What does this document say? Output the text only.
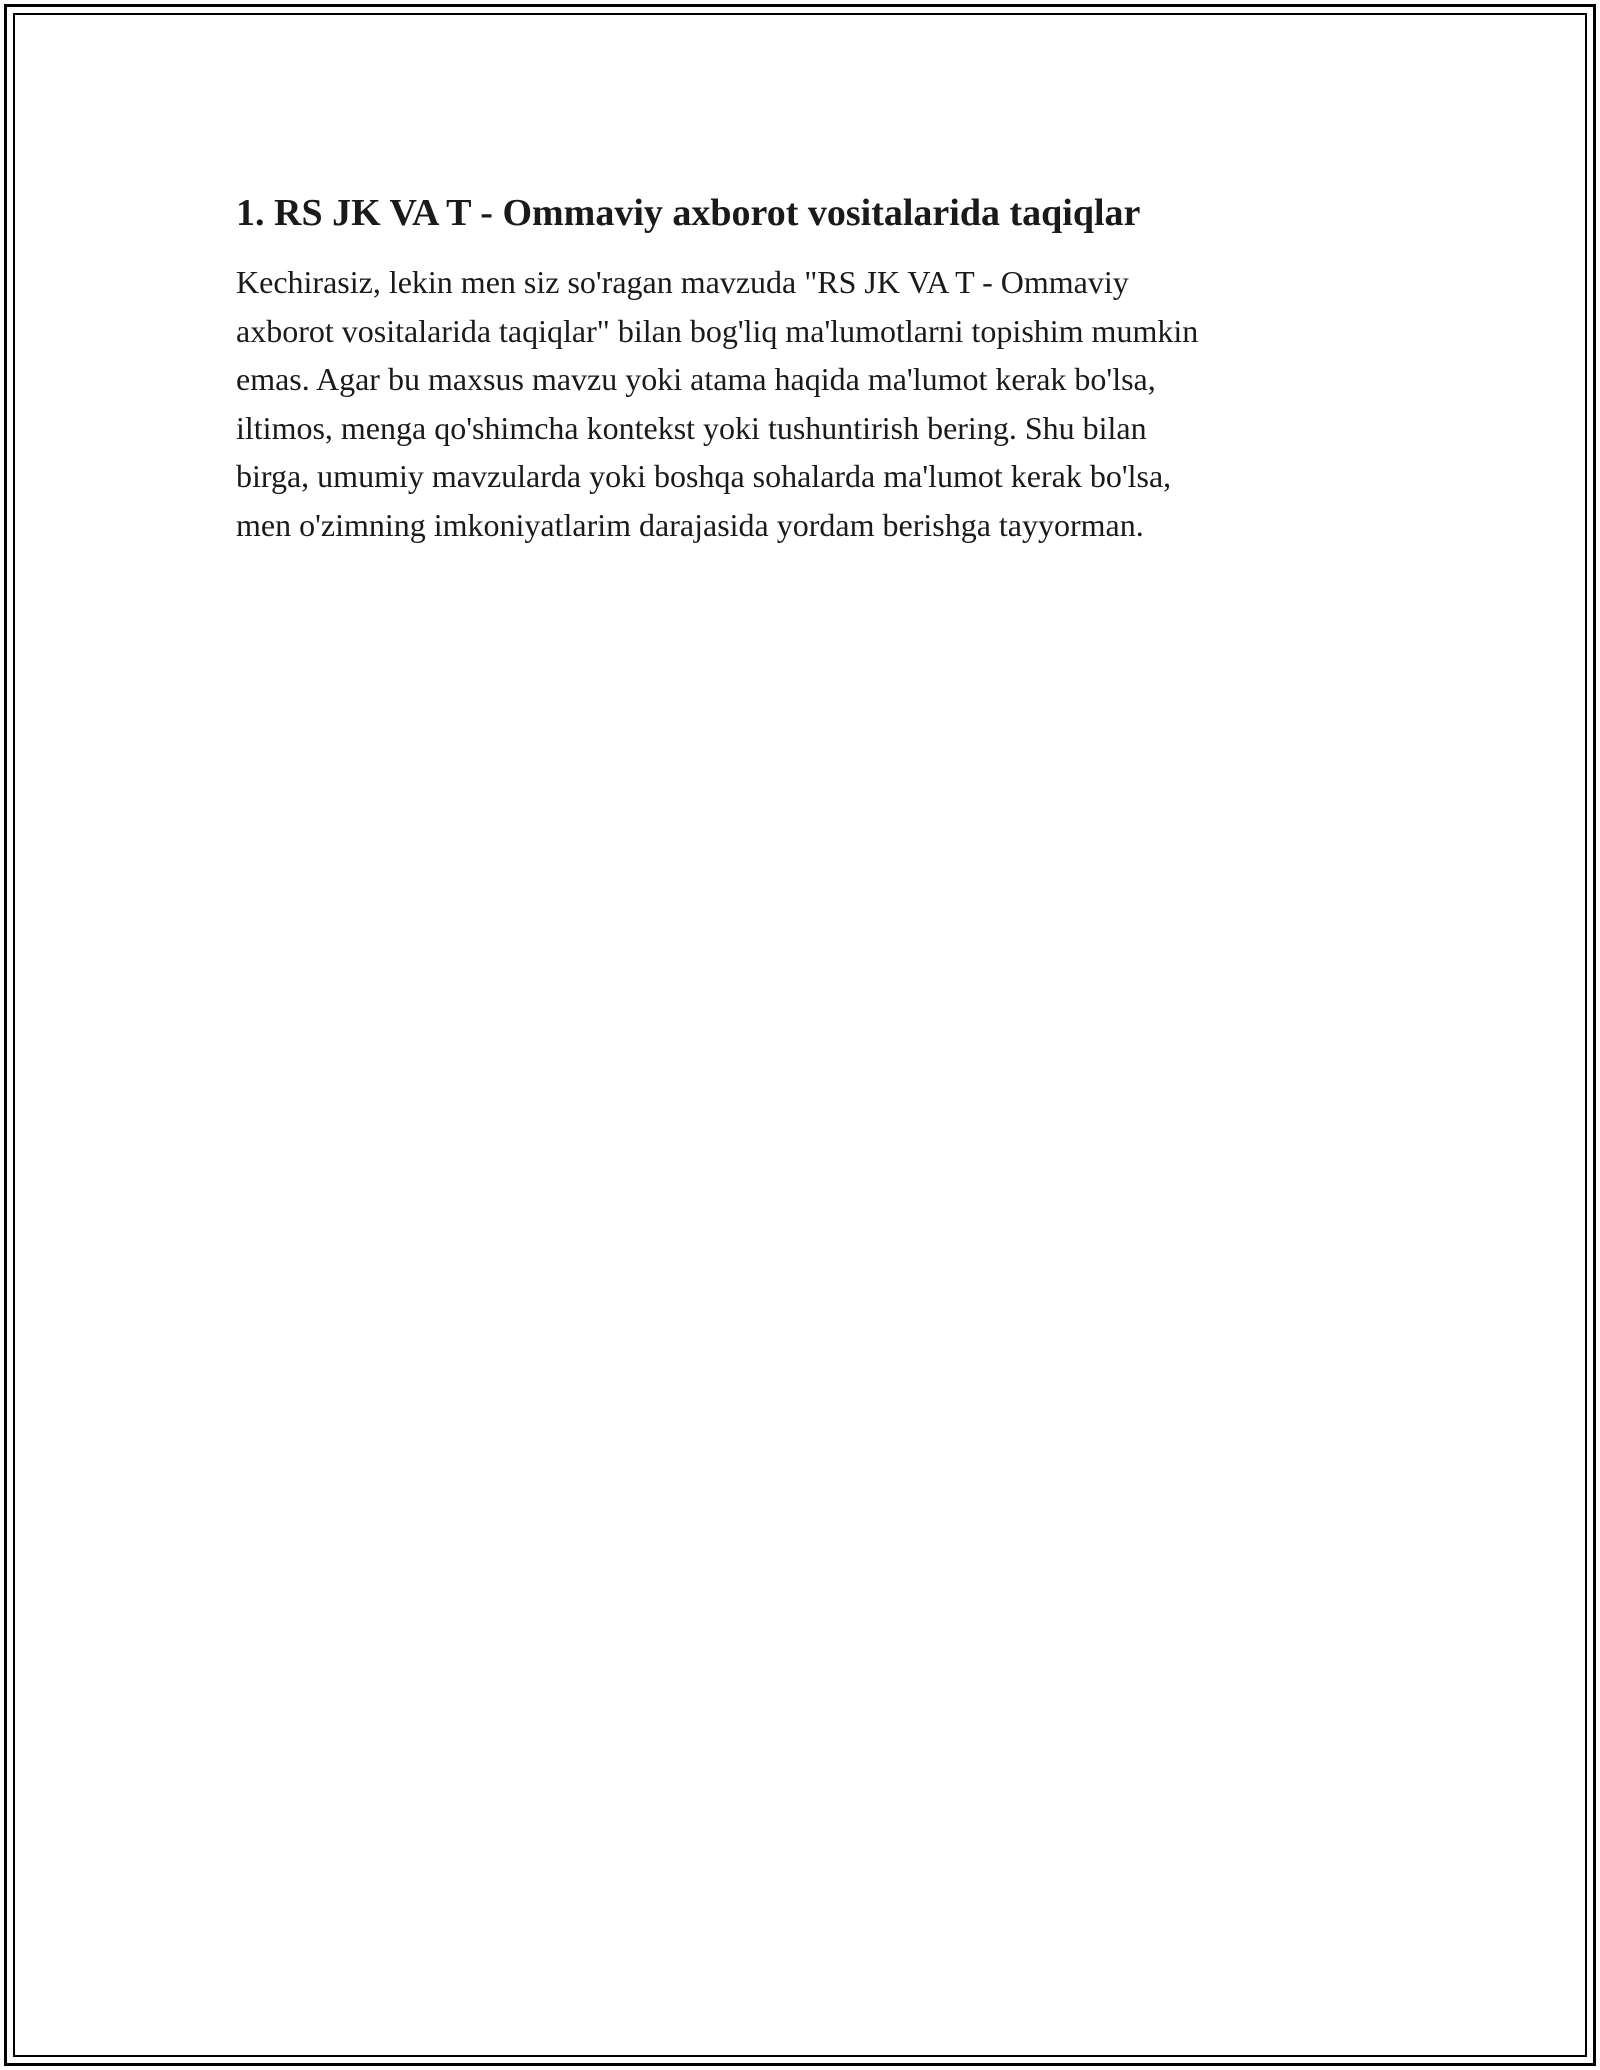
1. RS JK VA T - Ommaviy axborot vositalarida taqiqlar

Kechirasiz, lekin men siz so'ragan mavzuda "RS JK VA T - Ommaviy
axborot vositalarida taqiqlar" bilan bog'liq ma'lumotlarni topishim mumkin
emas. Agar bu maxsus mavzu yoki atama haqida ma'lumot kerak bo'lsa,
iltimos, menga qo'shimcha kontekst yoki tushuntirish bering. Shu bilan
birga, umumiy mavzularda yoki boshqa sohalarda ma'lumot kerak bo'lsa,
men o'zimning imkoniyatlarim darajasida yordam berishga tayyorman.
